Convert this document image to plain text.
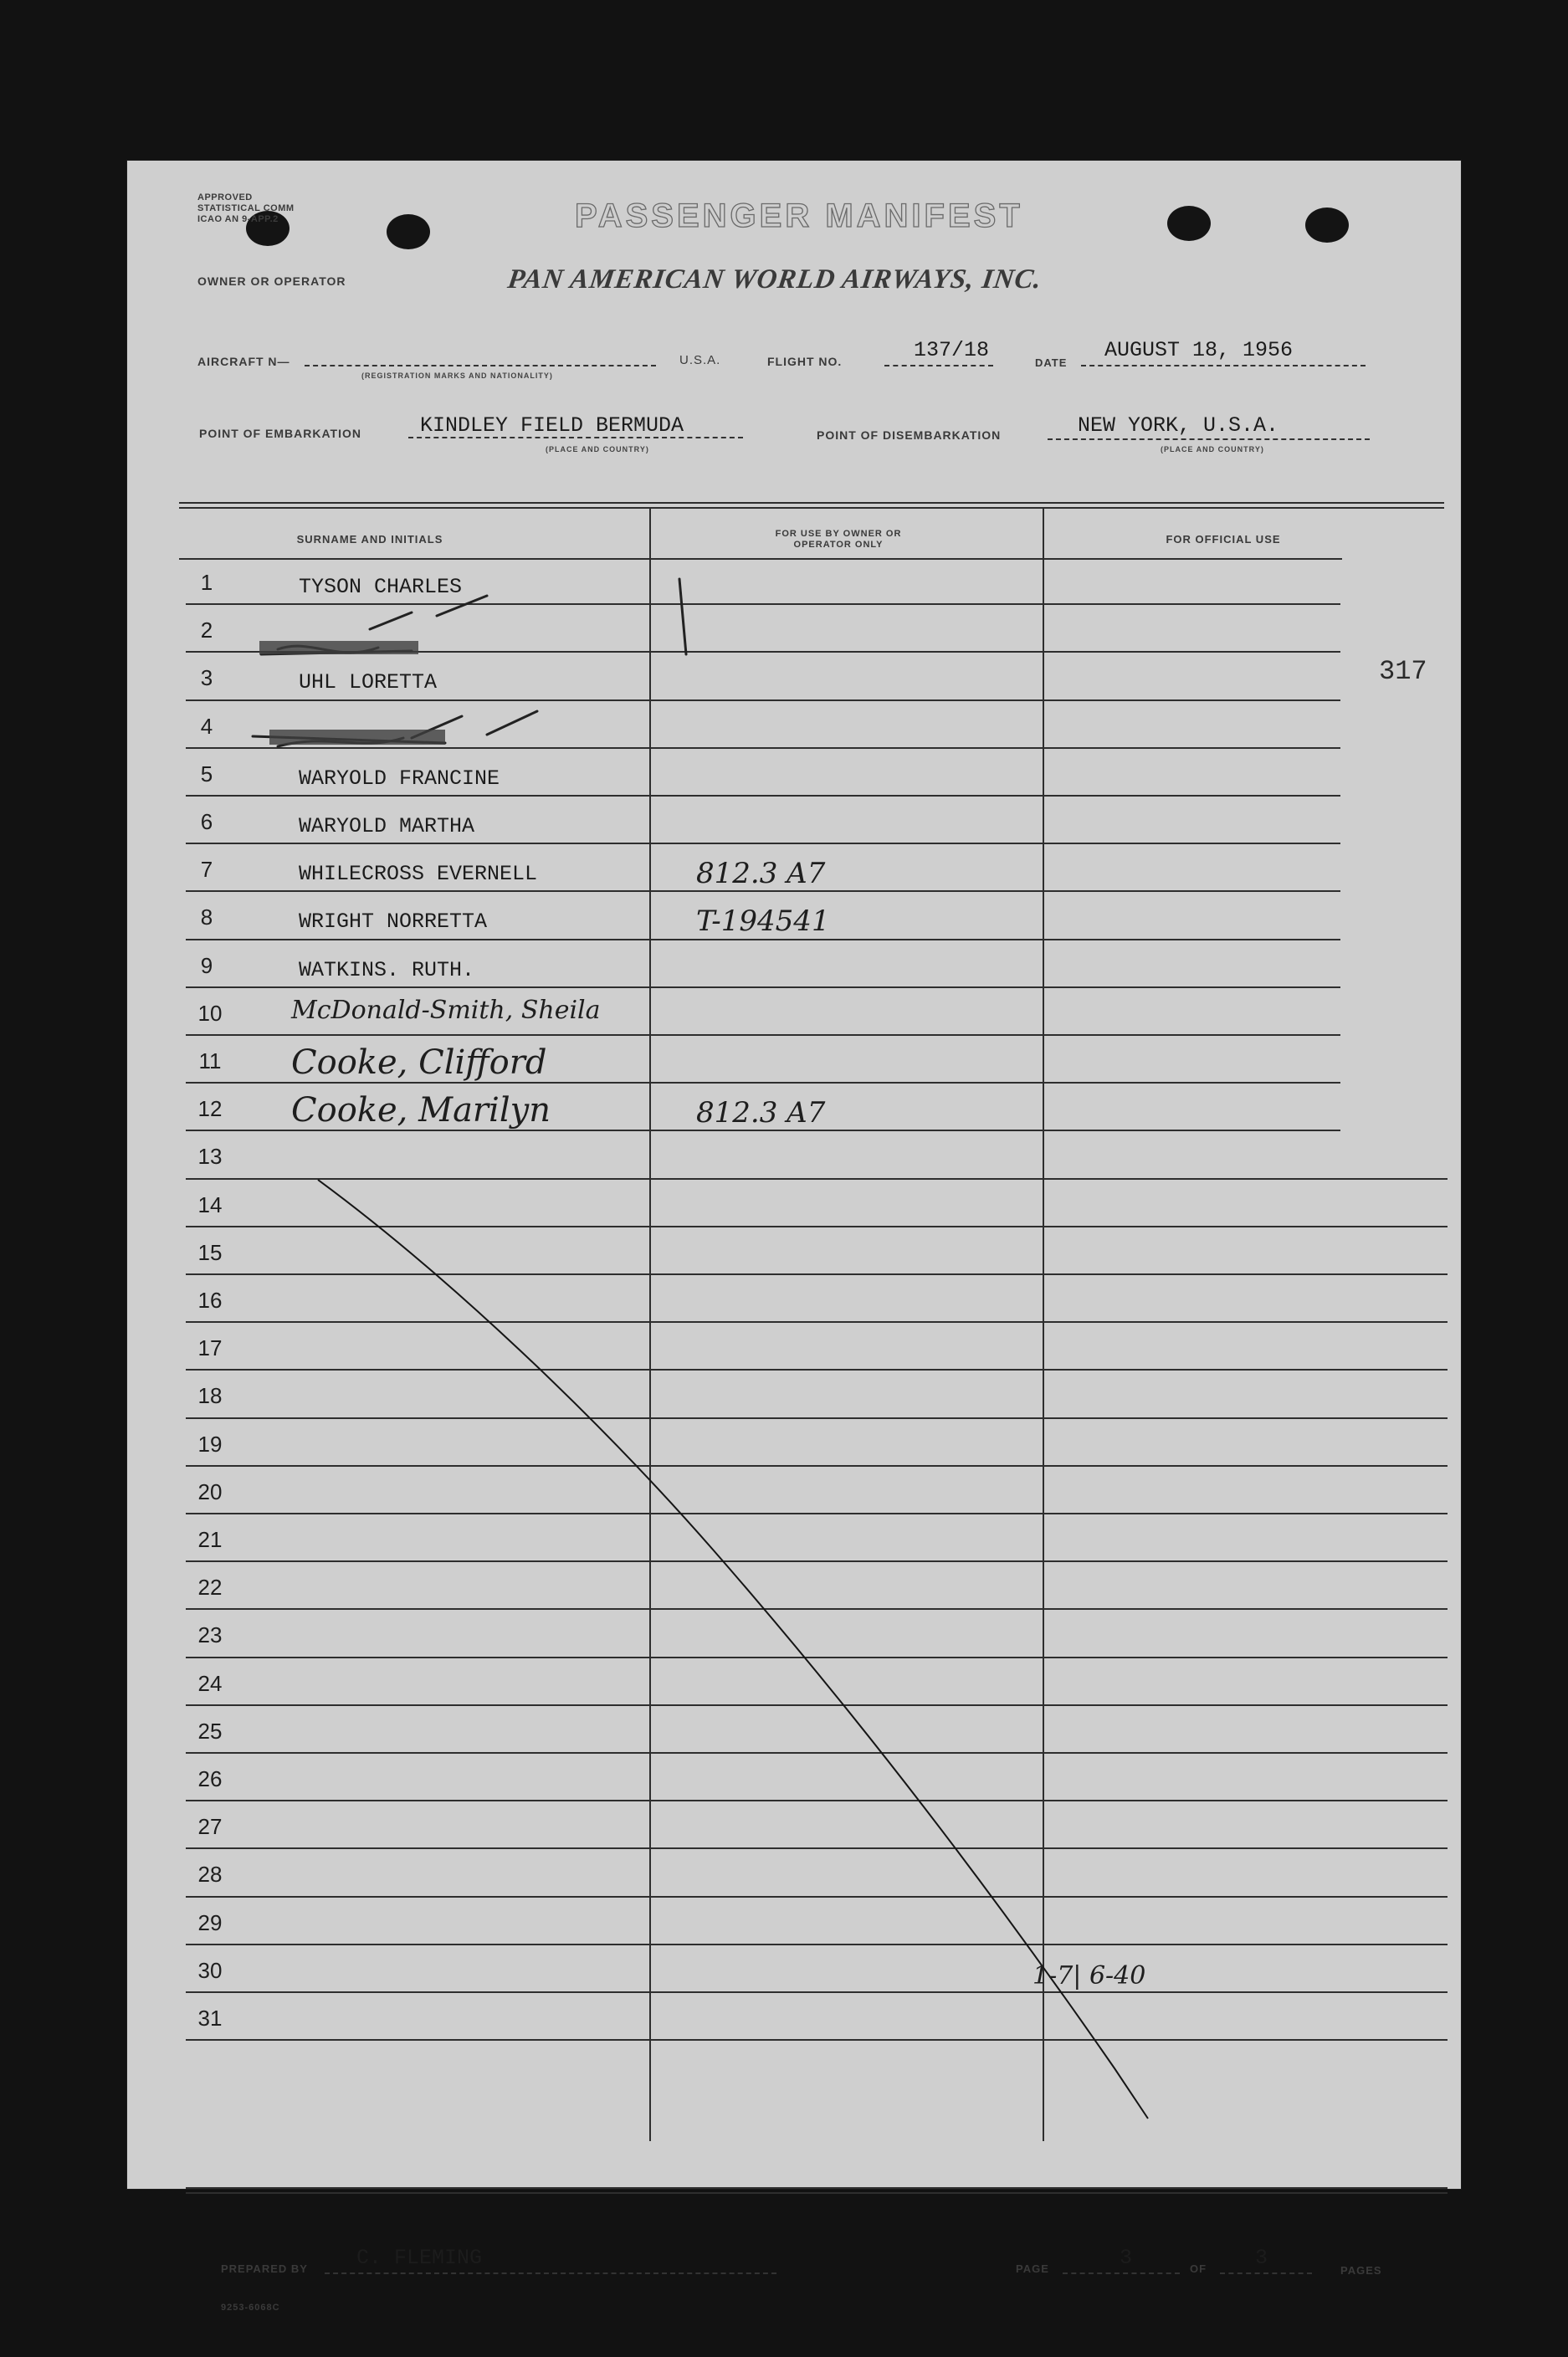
APPROVED
STATISTICAL COMM
ICAO AN 9-APP.2	PASSENGER MANIFEST
OWNER OR OPERATOR	PAN AMERICAN WORLD AIRWAYS, INC.
AIRCRAFT N—
(REGISTRATION MARKS AND NATIONALITY)
U.S.A.	FLIGHT NO.	137/18
DATE
AUGUST 18, 1956
POINT OF EMBARKATION	KINDLEY FIELD BERMUDA
(PLACE AND COUNTRY)
POINT OF DISEMBARKATION	NEW YORK, U.S.A.
(PLACE AND COUNTRY)
SURNAME AND INITIALS	FOR USE BY OWNER OR OPERATOR ONLY	FOR OFFICIAL USE
1	TYSON CHARLES
2
3	UHL LORETTA
4
5	WARYOLD FRANCINE
6	WARYOLD MARTHA
7	WHILECROSS EVERNELL	812.3 A7
8	WRIGHT NORRETTA	T-194541
9	WATKINS. RUTH.
10	McDonald-Smith, Sheila
11 Cooke, Clifford
12 Cooke, Marilyn	812.3 A7
13
14
15
16
17
18
19
20
21
22
23
24
25
26
27
28
29
30
31
317
1-7| 6-40
PREPARED BY C. FLEMING	PAGE	3	OF 3
PAGES
9253-6068C
